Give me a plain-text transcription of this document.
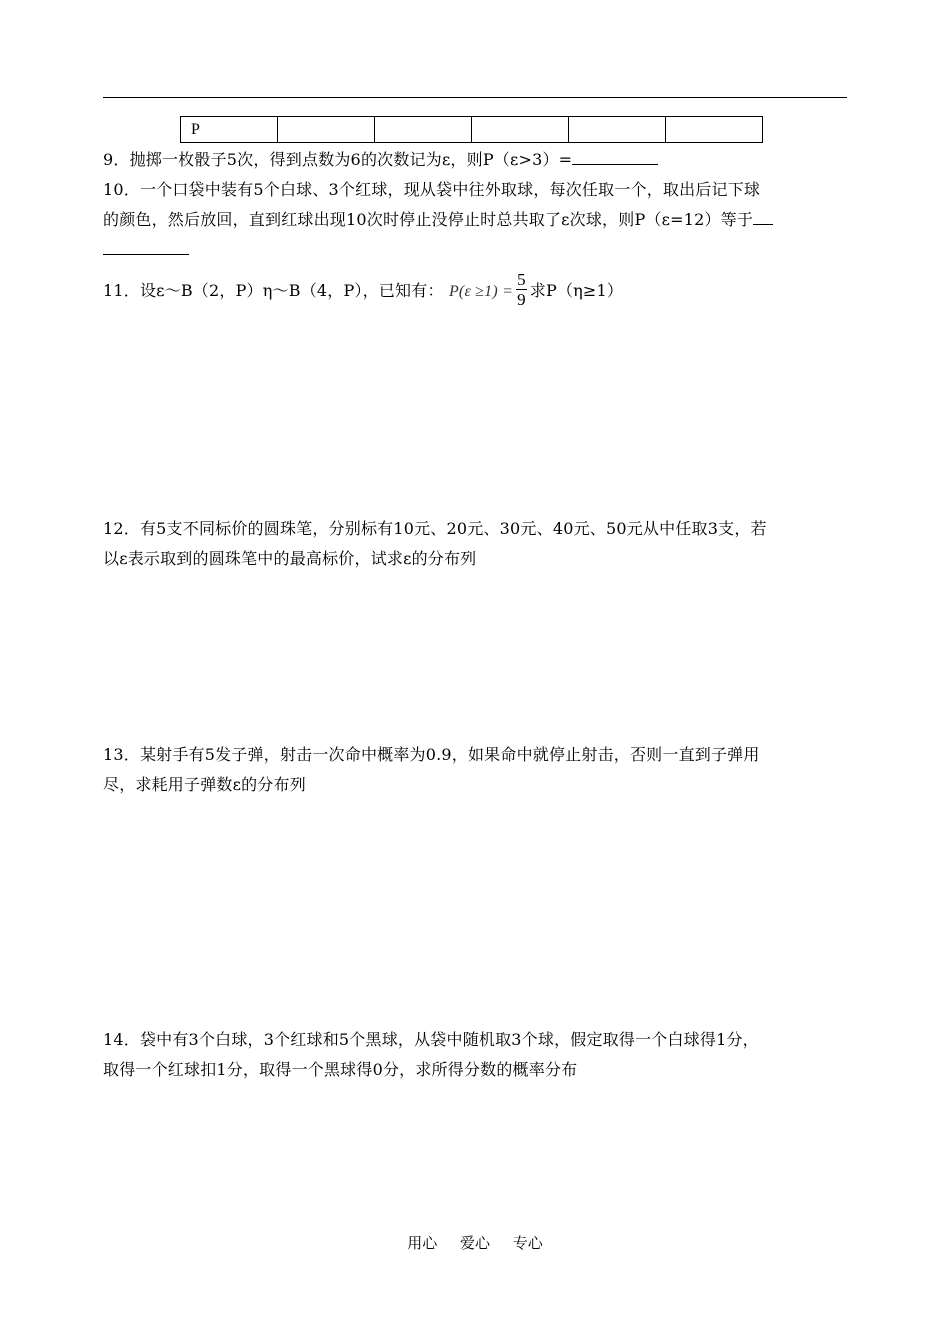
P					
9．抛掷一枚骰子5次，得到点数为6的次数记为ε，则P（ε>3）=
10．一个口袋中装有5个白球、3个红球，现从袋中往外取球，每次任取一个，取出后记下球
的颜色，然后放回，直到红球出现10次时停止没停止时总共取了ε次球，则P（ε=12）等于
11．设ε～B（2，P）η～B（4，P），已知有： $P(\varepsilon \ge 1) = \frac{5}{9}$ 求P（η≥1）
12．有5支不同标价的圆珠笔，分别标有10元、20元、30元、40元、50元从中任取3支，若
以ε表示取到的圆珠笔中的最高标价，试求ε的分布列
13．某射手有5发子弹，射击一次命中概率为0.9，如果命中就停止射击，否则一直到子弹用
尽，求耗用子弹数ε的分布列
14．袋中有3个白球，3个红球和5个黑球，从袋中随机取3个球，假定取得一个白球得1分，
取得一个红球扣1分，取得一个黑球得0分，求所得分数的概率分布
用心 爱心 专心
